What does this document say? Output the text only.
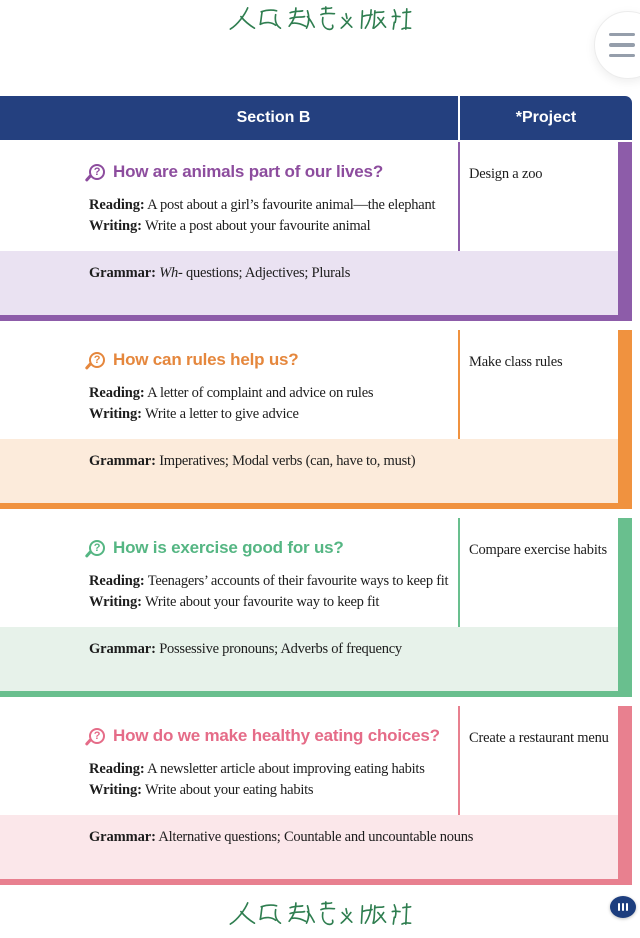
Section B	*Project
? How are animals part of our lives?
Reading: A post about a girl’s favourite animal—the elephant
Writing: Write a post about your favourite animal
Design a zoo
Grammar: Wh- questions; Adjectives; Plurals
? How can rules help us?
Reading: A letter of complaint and advice on rules
Writing: Write a letter to give advice
Make class rules
Grammar: Imperatives; Modal verbs (can, have to, must)
? How is exercise good for us?
Reading: Teenagers’ accounts of their favourite ways to keep fit
Writing: Write about your favourite way to keep fit
Compare exercise habits
Grammar: Possessive pronouns; Adverbs of frequency
? How do we make healthy eating choices?
Reading: A newsletter article about improving eating habits
Writing: Write about your eating habits
Create a restaurant menu
Grammar: Alternative questions; Countable and uncountable nouns
